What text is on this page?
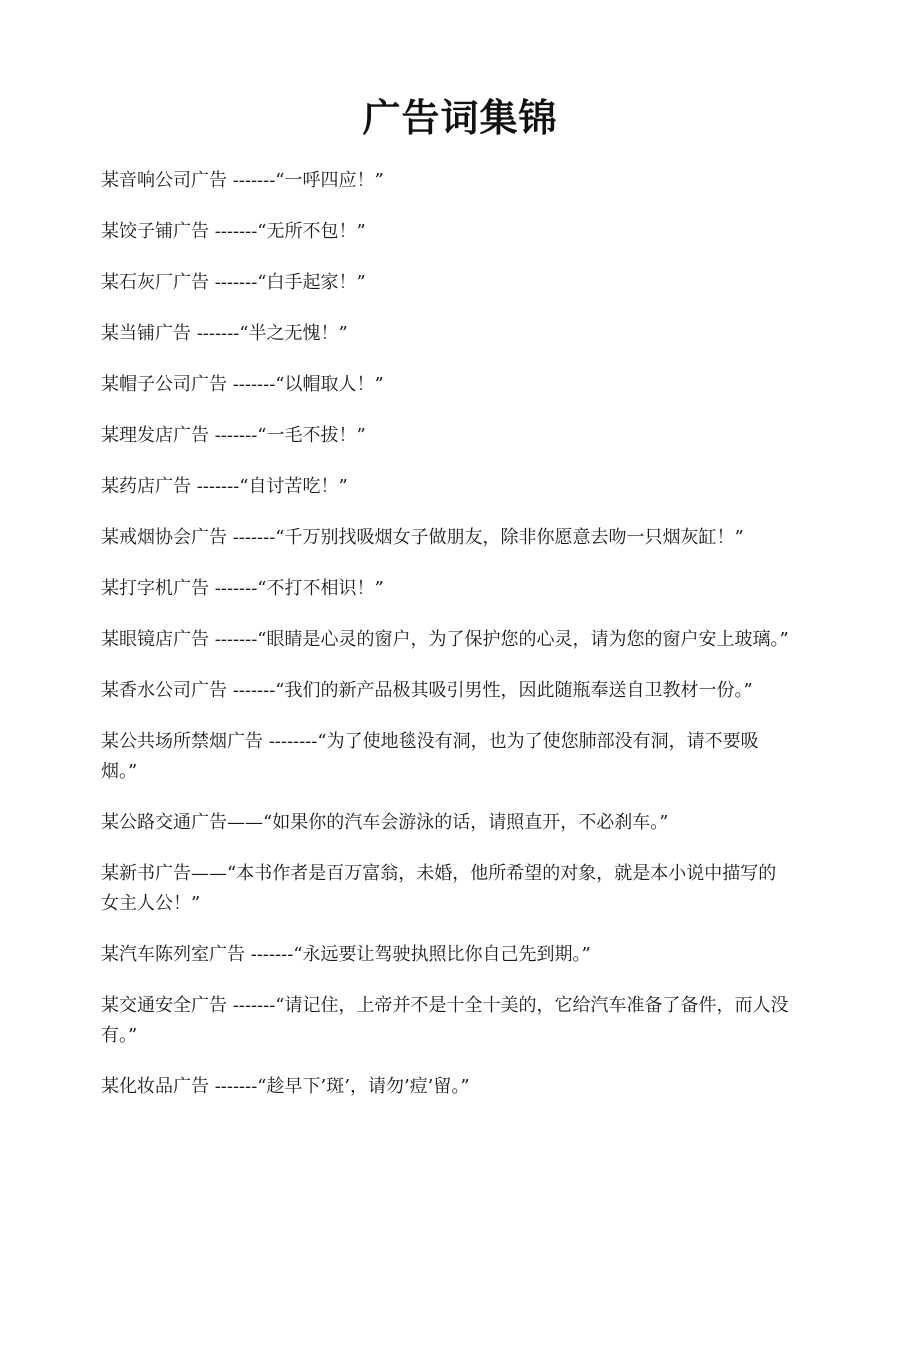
广告词集锦

某音响公司广告 -------“一呼四应！”

某饺子铺广告 -------“无所不包！”

某石灰厂广告 -------“白手起家！”

某当铺广告 -------“半之无愧！”

某帽子公司广告 -------“以帽取人！”

某理发店广告 -------“一毛不拔！”

某药店广告 -------“自讨苦吃！”

某戒烟协会广告 -------“千万别找吸烟女子做朋友，除非你愿意去吻一只烟灰缸！”

某打字机广告 -------“不打不相识！”

某眼镜店广告 -------“眼睛是心灵的窗户，为了保护您的心灵，请为您的窗户安上玻璃。”

某香水公司广告 -------“我们的新产品极其吸引男性，因此随瓶奉送自卫教材一份。”

某公共场所禁烟广告 --------“为了使地毯没有洞，也为了使您肺部没有洞，请不要吸烟。”

某公路交通广告——“如果你的汽车会游泳的话，请照直开，不必刹车。”

某新书广告——“本书作者是百万富翁，未婚，他所希望的对象，就是本小说中描写的女主人公！”

某汽车陈列室广告 -------“永远要让驾驶执照比你自己先到期。”

某交通安全广告 -------“请记住，上帝并不是十全十美的，它给汽车准备了备件，而人没有。”

某化妆品广告 -------“趁早下’斑’，请勿’痘’留。”
